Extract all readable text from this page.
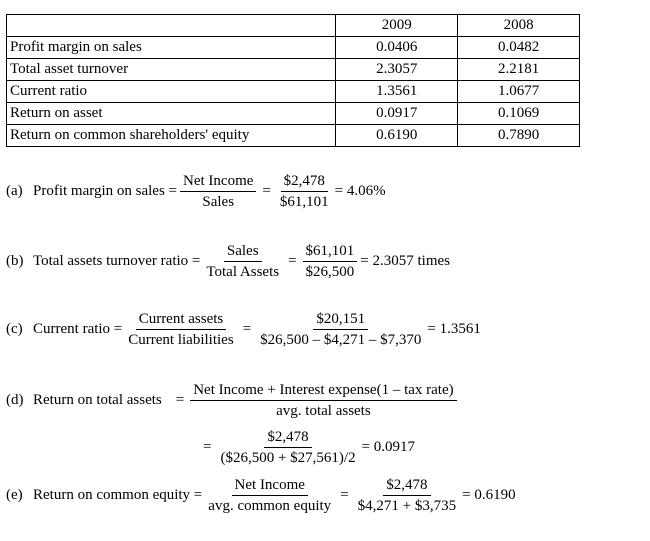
	2009	2008
Profit margin on sales	0.0406	0.0482
Total asset turnover	2.3057	2.2181
Current ratio	1.3561	1.0677
Return on asset	0.0917	0.1069
Return on common shareholders' equity	0.6190	0.7890
(a) Profit margin on sales = $\frac{\text{Net Income}}{\text{Sales}} = \frac{\$2,478}{\$61,101} = 4.06\%$
(b) Total assets turnover ratio = $\frac{\text{Sales}}{\text{Total Assets}} = \frac{\$61,101}{\$26,500} = 2.3057$ times
(c) Current ratio = $\frac{\text{Current assets}}{\text{Current liabilities}} = \frac{\$20,151}{\$26,500 - \$4,271 - \$7,370} = 1.3561$
(d) Return on total assets = $\frac{\text{Net Income + Interest expense(1 – tax rate)}}{\text{avg. total assets}}$
= $\frac{\$2,478}{(\$26,500 + \$27,561)/2} = 0.0917$
(e) Return on common equity = $\frac{\text{Net Income}}{\text{avg. common equity}} = \frac{\$2,478}{\$4,271 + \$3,735} = 0.6190$
